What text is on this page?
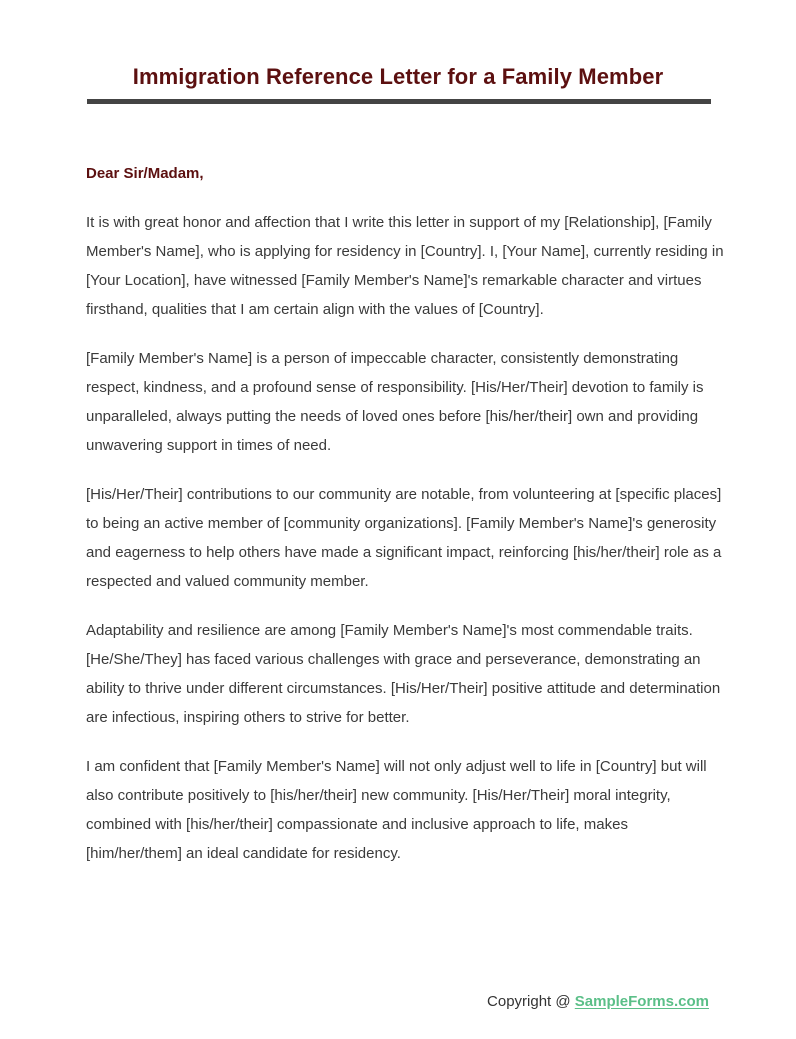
Immigration Reference Letter for a Family Member
Dear Sir/Madam,

It is with great honor and affection that I write this letter in support of my [Relationship], [Family Member's Name], who is applying for residency in [Country]. I, [Your Name], currently residing in [Your Location], have witnessed [Family Member's Name]'s remarkable character and virtues firsthand, qualities that I am certain align with the values of [Country].

[Family Member's Name] is a person of impeccable character, consistently demonstrating respect, kindness, and a profound sense of responsibility. [His/Her/Their] devotion to family is unparalleled, always putting the needs of loved ones before [his/her/their] own and providing unwavering support in times of need.

[His/Her/Their] contributions to our community are notable, from volunteering at [specific places] to being an active member of [community organizations]. [Family Member's Name]'s generosity and eagerness to help others have made a significant impact, reinforcing [his/her/their] role as a respected and valued community member.

Adaptability and resilience are among [Family Member's Name]'s most commendable traits. [He/She/They] has faced various challenges with grace and perseverance, demonstrating an ability to thrive under different circumstances. [His/Her/Their] positive attitude and determination are infectious, inspiring others to strive for better.

I am confident that [Family Member's Name] will not only adjust well to life in [Country] but will also contribute positively to [his/her/their] new community. [His/Her/Their] moral integrity, combined with [his/her/their] compassionate and inclusive approach to life, makes [him/her/them] an ideal candidate for residency.

Copyright @ SampleForms.com
